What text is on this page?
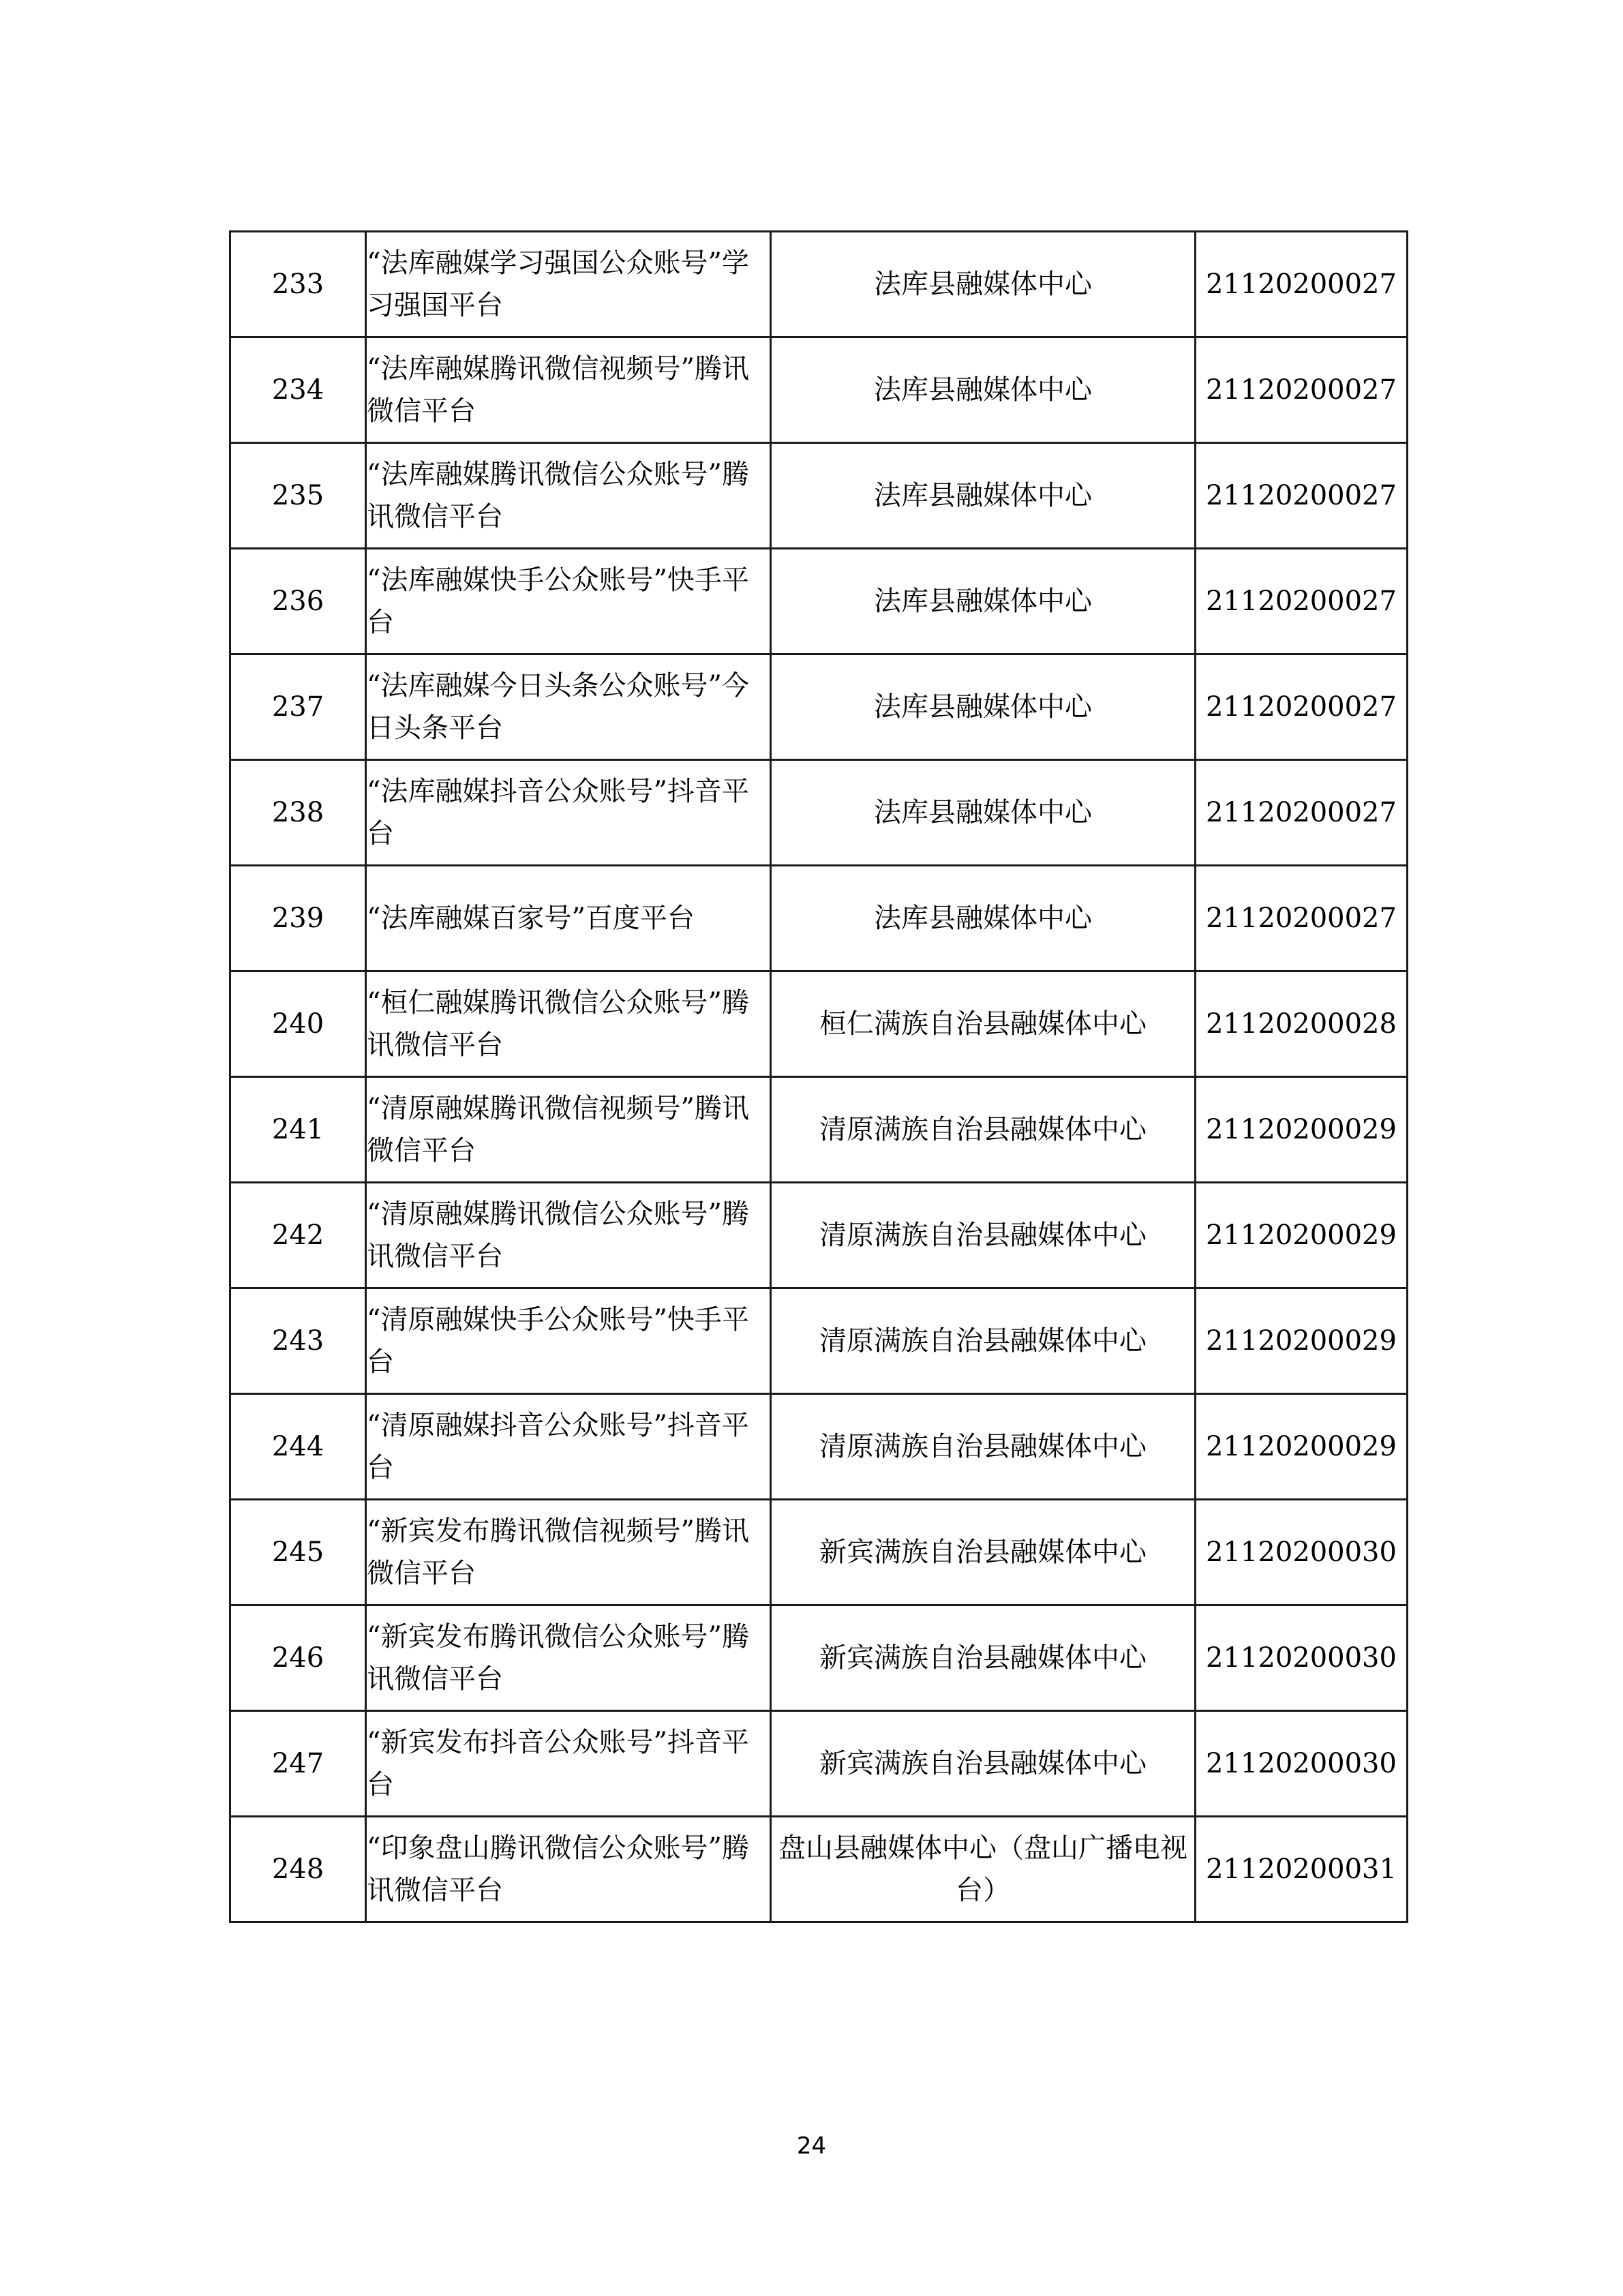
233	“法库融媒学习强国公众账号”学习强国平台	法库县融媒体中心	21120200027

234	“法库融媒腾讯微信视频号”腾讯微信平台	法库县融媒体中心	21120200027

235	“法库融媒腾讯微信公众账号”腾讯微信平台	法库县融媒体中心	21120200027

236	“法库融媒快手公众账号”快手平台	法库县融媒体中心	21120200027

237	“法库融媒今日头条公众账号”今日头条平台	法库县融媒体中心	21120200027

238	“法库融媒抖音公众账号”抖音平台	法库县融媒体中心	21120200027

239	“法库融媒百家号”百度平台	法库县融媒体中心	21120200027

240	“桓仁融媒腾讯微信公众账号”腾讯微信平台	桓仁满族自治县融媒体中心	21120200028

241	“清原融媒腾讯微信视频号”腾讯微信平台	清原满族自治县融媒体中心	21120200029

242	“清原融媒腾讯微信公众账号”腾讯微信平台	清原满族自治县融媒体中心	21120200029

243	“清原融媒快手公众账号”快手平台	清原满族自治县融媒体中心	21120200029

244	“清原融媒抖音公众账号”抖音平台	清原满族自治县融媒体中心	21120200029

245	“新宾发布腾讯微信视频号”腾讯微信平台	新宾满族自治县融媒体中心	21120200030

246	“新宾发布腾讯微信公众账号”腾讯微信平台	新宾满族自治县融媒体中心	21120200030

247	“新宾发布抖音公众账号”抖音平台	新宾满族自治县融媒体中心	21120200030

248	“印象盘山腾讯微信公众账号”腾讯微信平台	盘山县融媒体中心（盘山广播电视台）	21120200031
24
